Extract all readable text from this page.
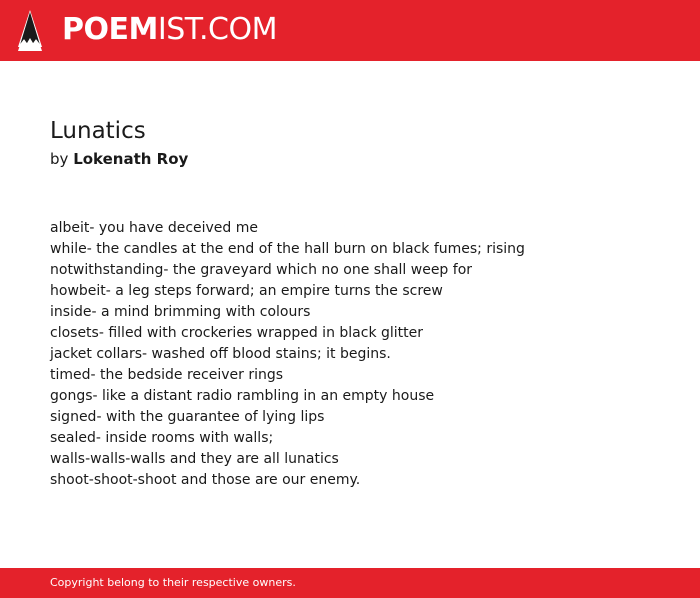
POEMIST.COM
Lunatics
by Lokenath Roy
albeit- you have deceived me
while- the candles at the end of the hall burn on black fumes; rising
notwithstanding- the graveyard which no one shall weep for
howbeit- a leg steps forward; an empire turns the screw
inside- a mind brimming with colours
closets- filled with crockeries wrapped in black glitter
jacket collars- washed off blood stains; it begins.
timed- the bedside receiver rings
gongs- like a distant radio rambling in an empty house
signed- with the guarantee of lying lips
sealed- inside rooms with walls;
walls-walls-walls and they are all lunatics
shoot-shoot-shoot and those are our enemy.
Copyright belong to their respective owners.
